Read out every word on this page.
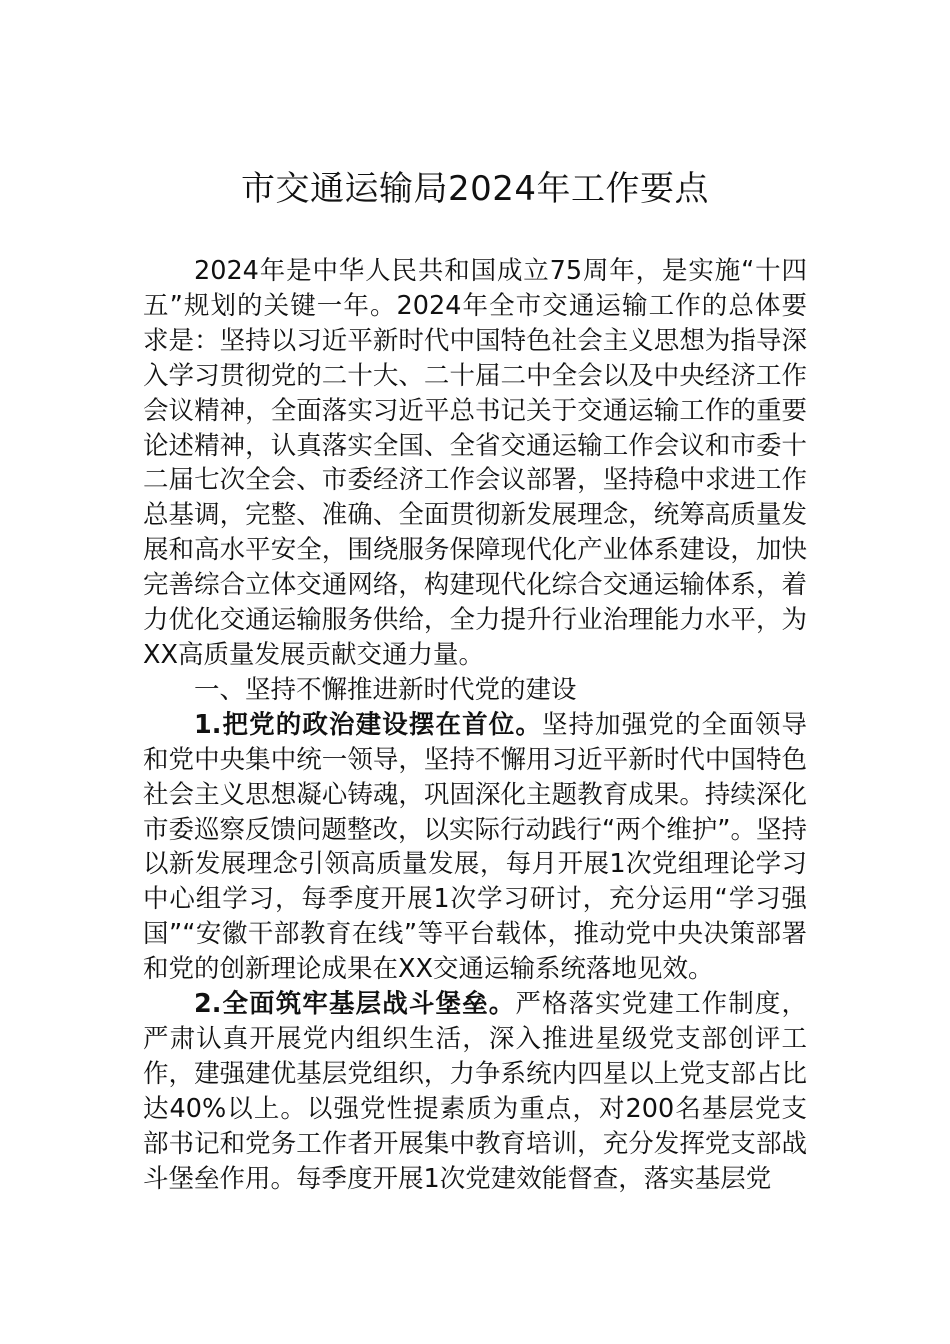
市交通运输局2024年工作要点

2024年是中华人民共和国成立75周年，是实施“十四五”规划的关键一年。2024年全市交通运输工作的总体要求是：坚持以习近平新时代中国特色社会主义思想为指导深入学习贯彻党的二十大、二十届二中全会以及中央经济工作会议精神，全面落实习近平总书记关于交通运输工作的重要论述精神，认真落实全国、全省交通运输工作会议和市委十二届七次全会、市委经济工作会议部署，坚持稳中求进工作总基调，完整、准确、全面贯彻新发展理念，统筹高质量发展和高水平安全，围绕服务保障现代化产业体系建设，加快完善综合立体交通网络，构建现代化综合交通运输体系，着力优化交通运输服务供给，全力提升行业治理能力水平，为XX高质量发展贡献交通力量。

一、坚持不懈推进新时代党的建设

1.把党的政治建设摆在首位。坚持加强党的全面领导和党中央集中统一领导，坚持不懈用习近平新时代中国特色社会主义思想凝心铸魂，巩固深化主题教育成果。持续深化市委巡察反馈问题整改，以实际行动践行“两个维护”。坚持以新发展理念引领高质量发展，每月开展1次党组理论学习中心组学习，每季度开展1次学习研讨，充分运用“学习强国”“安徽干部教育在线”等平台载体，推动党中央决策部署和党的创新理论成果在XX交通运输系统落地见效。

2.全面筑牢基层战斗堡垒。严格落实党建工作制度，严肃认真开展党内组织生活，深入推进星级党支部创评工作，建强建优基层党组织，力争系统内四星以上党支部占比达40%以上。以强党性提素质为重点，对200名基层党支部书记和党务工作者开展集中教育培训，充分发挥党支部战斗堡垒作用。每季度开展1次党建效能督查，落实基层党
